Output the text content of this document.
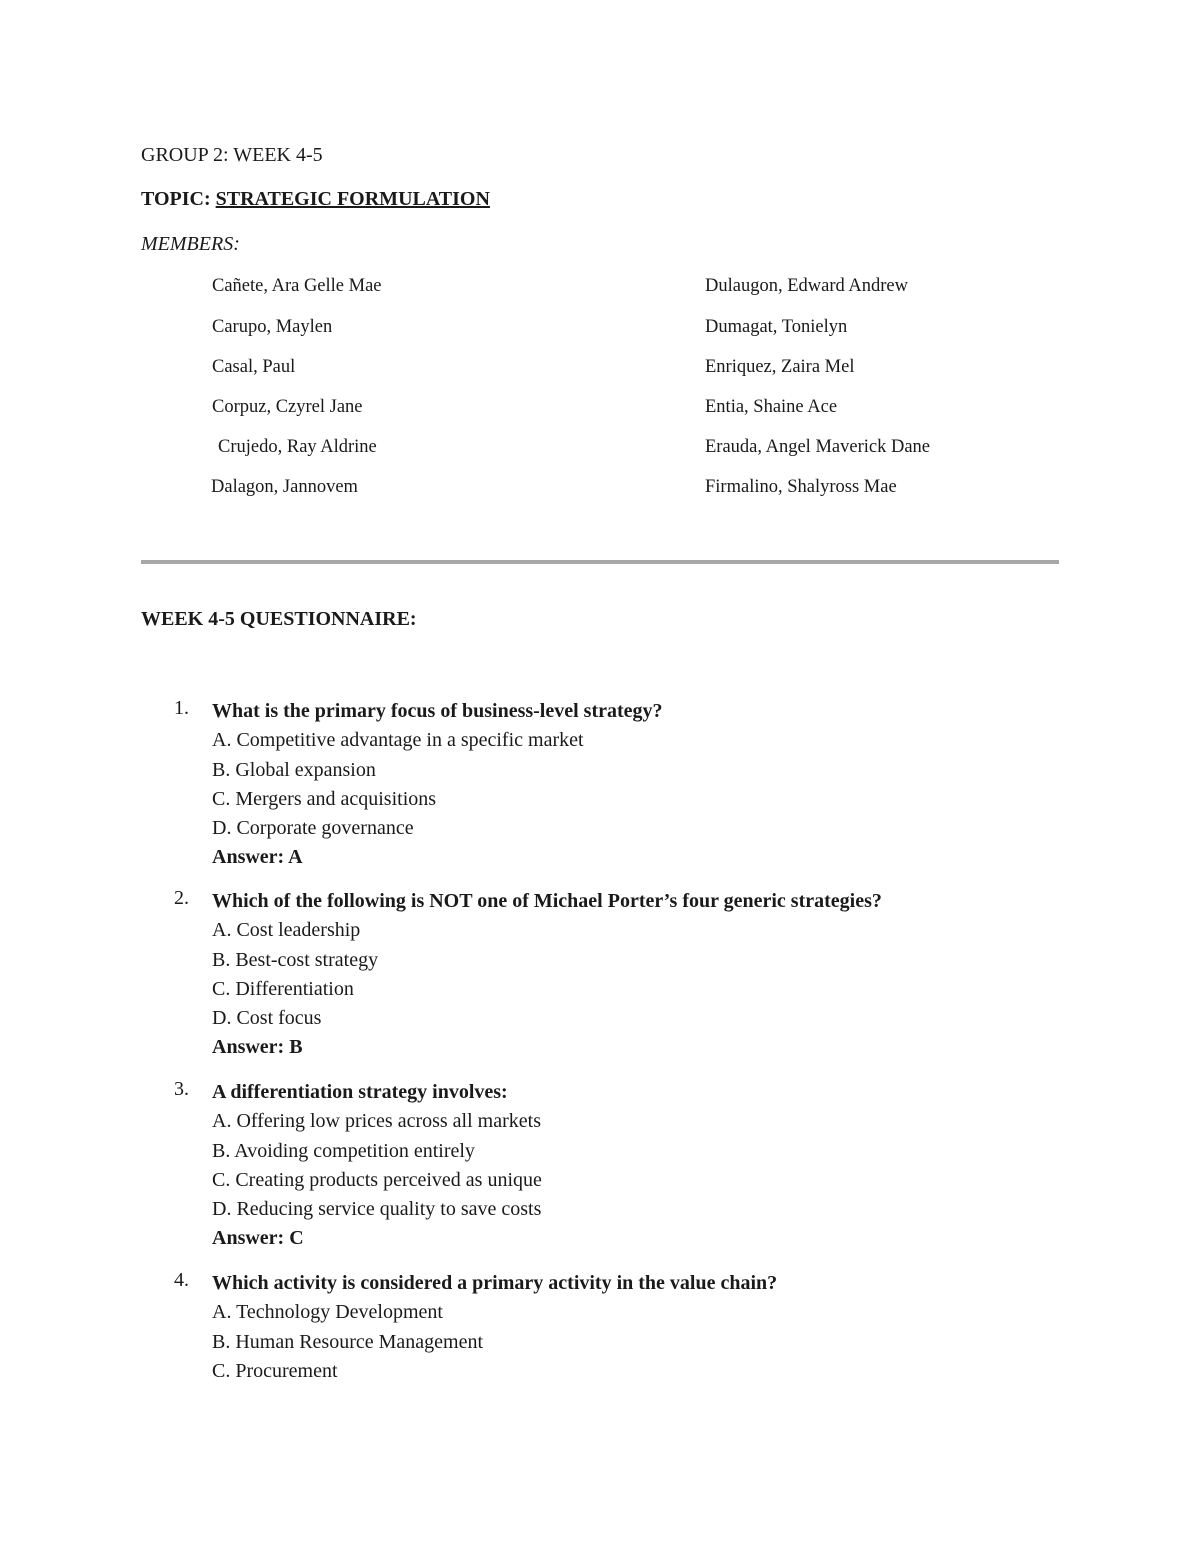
GROUP 2: WEEK 4-5
TOPIC: STRATEGIC FORMULATION
MEMBERS:
Cañete, Ara Gelle Mae
Carupo, Maylen
Casal, Paul
Corpuz, Czyrel Jane
Crujedo, Ray Aldrine
Dalagon, Jannovem
Dulaugon, Edward Andrew
Dumagat, Tonielyn
Enriquez, Zaira Mel
Entia, Shaine Ace
Erauda, Angel Maverick Dane
Firmalino, Shalyross Mae
WEEK 4-5 QUESTIONNAIRE:
1. What is the primary focus of business-level strategy?
A. Competitive advantage in a specific market
B. Global expansion
C. Mergers and acquisitions
D. Corporate governance
Answer: A
2. Which of the following is NOT one of Michael Porter’s four generic strategies?
A. Cost leadership
B. Best-cost strategy
C. Differentiation
D. Cost focus
Answer: B
3. A differentiation strategy involves:
A. Offering low prices across all markets
B. Avoiding competition entirely
C. Creating products perceived as unique
D. Reducing service quality to save costs
Answer: C
4. Which activity is considered a primary activity in the value chain?
A. Technology Development
B. Human Resource Management
C. Procurement
